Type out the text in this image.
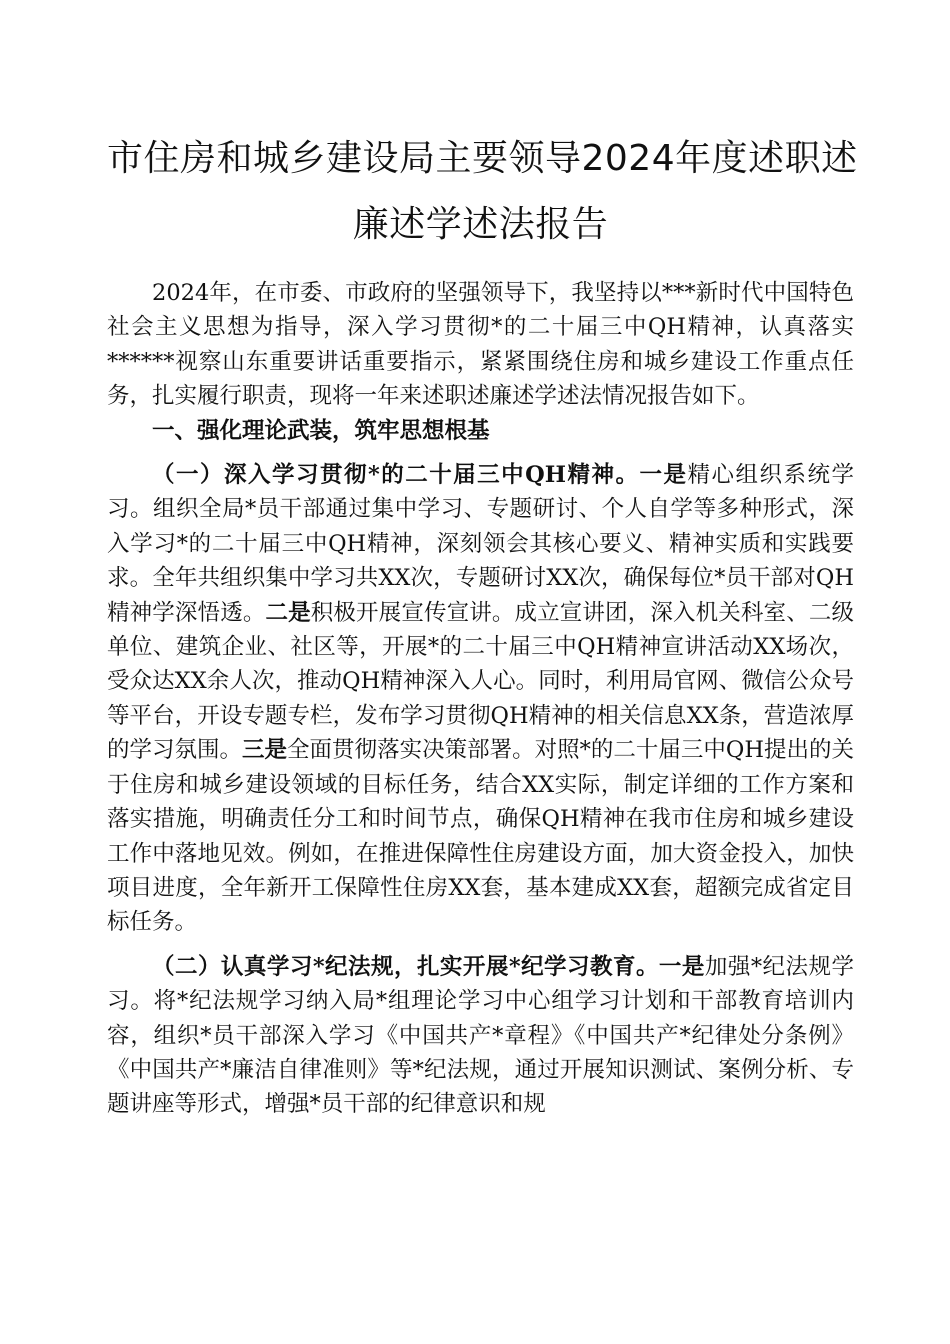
市住房和城乡建设局主要领导2024年度述职述
廉述学述法报告

2024年，在市委、市政府的坚强领导下，我坚持以***新时代中国特色社会主义思想为指导，深入学习贯彻*的二十届三中QH精神，认真落实******视察山东重要讲话重要指示，紧紧围绕住房和城乡建设工作重点任务，扎实履行职责，现将一年来述职述廉述学述法情况报告如下。

一、强化理论武装，筑牢思想根基

（一）深入学习贯彻*的二十届三中QH精神。一是精心组织系统学习。组织全局*员干部通过集中学习、专题研讨、个人自学等多种形式，深入学习*的二十届三中QH精神，深刻领会其核心要义、精神实质和实践要求。全年共组织集中学习共XX次，专题研讨XX次，确保每位*员干部对QH精神学深悟透。二是积极开展宣传宣讲。成立宣讲团，深入机关科室、二级单位、建筑企业、社区等，开展*的二十届三中QH精神宣讲活动XX场次，受众达XX余人次，推动QH精神深入人心。同时，利用局官网、微信公众号等平台，开设专题专栏，发布学习贯彻QH精神的相关信息XX条，营造浓厚的学习氛围。三是全面贯彻落实决策部署。对照*的二十届三中QH提出的关于住房和城乡建设领域的目标任务，结合XX实际，制定详细的工作方案和落实措施，明确责任分工和时间节点，确保QH精神在我市住房和城乡建设工作中落地见效。例如，在推进保障性住房建设方面，加大资金投入，加快项目进度，全年新开工保障性住房XX套，基本建成XX套，超额完成省定目标任务。

（二）认真学习*纪法规，扎实开展*纪学习教育。一是加强*纪法规学习。将*纪法规学习纳入局*组理论学习中心组学习计划和干部教育培训内容，组织*员干部深入学习《中国共产*章程》《中国共产*纪律处分条例》《中国共产*廉洁自律准则》等*纪法规，通过开展知识测试、案例分析、专题讲座等形式，增强*员干部的纪律意识和规
